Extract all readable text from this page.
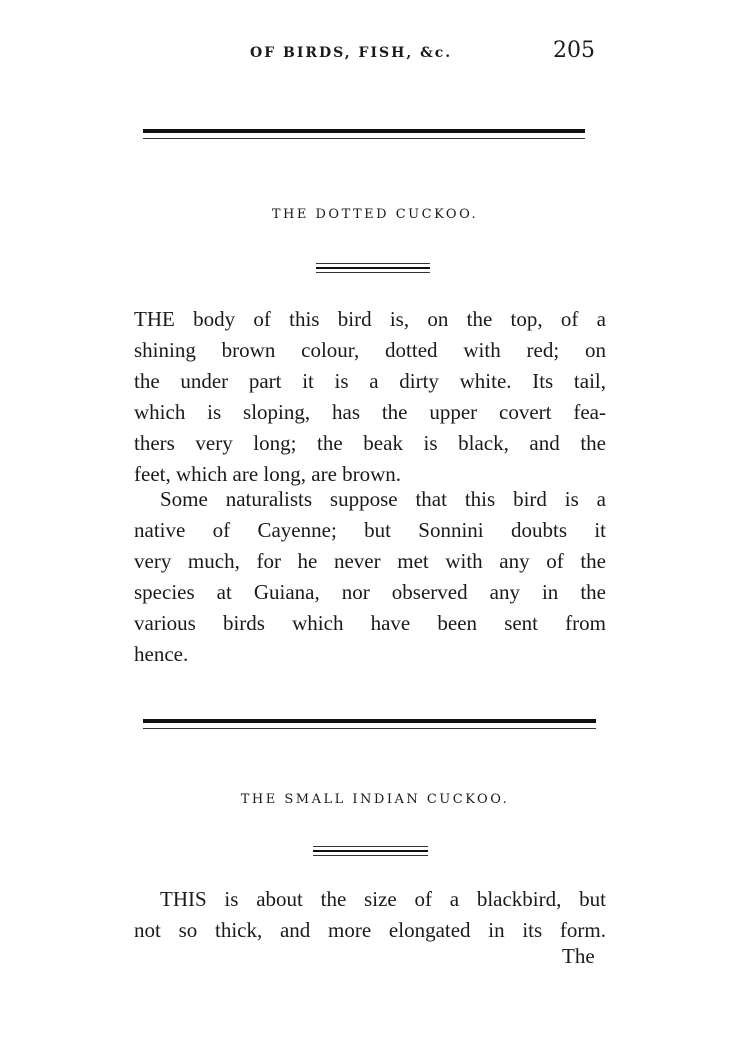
OF BIRDS, FISH, &c.	205
THE DOTTED CUCKOO.
THE body of this bird is, on the top, of a
shining brown colour, dotted with red; on
the under part it is a dirty white. Its tail,
which is sloping, has the upper covert fea-
thers very long; the beak is black, and the
feet, which are long, are brown.
Some naturalists suppose that this bird is a
native of Cayenne; but Sonnini doubts it
very much, for he never met with any of the
species at Guiana, nor observed any in the
various birds which have been sent from
hence.
THE SMALL INDIAN CUCKOO.
THIS is about the size of a blackbird, but
not so thick, and more elongated in its form.
The
